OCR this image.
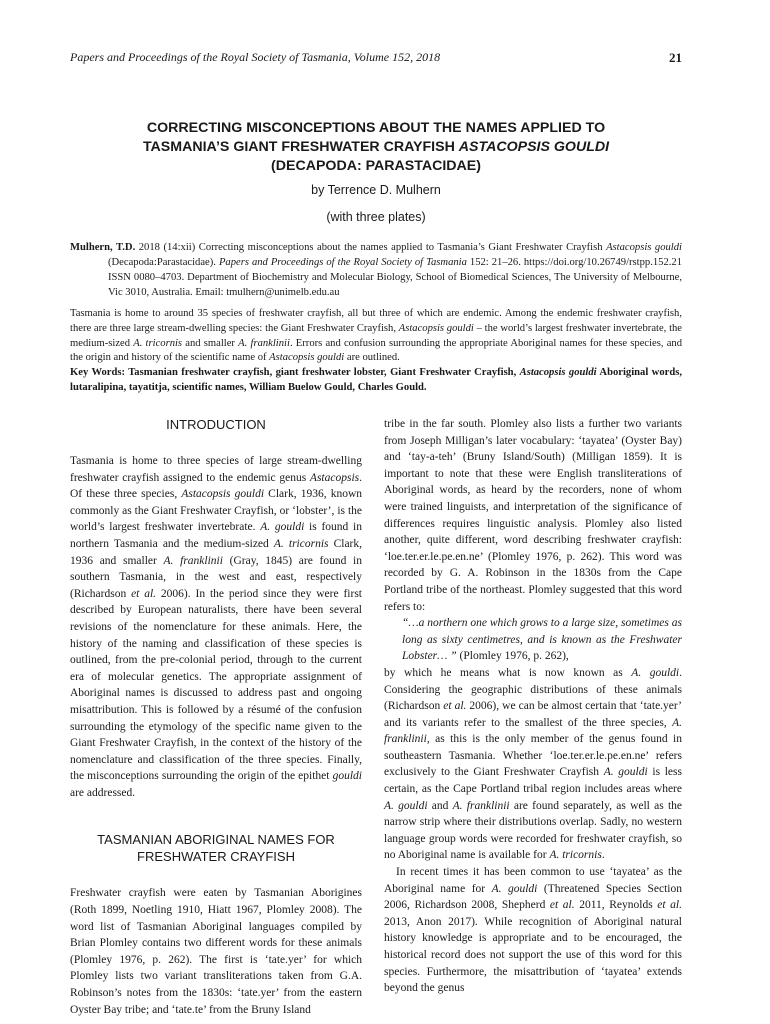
Papers and Proceedings of the Royal Society of Tasmania, Volume 152, 2018	21
CORRECTING MISCONCEPTIONS ABOUT THE NAMES APPLIED TO
TASMANIA’S GIANT FRESHWATER CRAYFISH ASTACOPSIS GOULDI
(DECAPODA: PARASTACIDAE)
by Terrence D. Mulhern
(with three plates)

Mulhern, T.D. 2018 (14:xii) Correcting misconceptions about the names applied to Tasmania’s Giant Freshwater Crayfish Astacopsis gouldi (Decapoda:Parastacidae). Papers and Proceedings of the Royal Society of Tasmania 152: 21–26. https://doi.org/10.26749/rstpp.152.21 ISSN 0080–4703. Department of Biochemistry and Molecular Biology, School of Biomedical Sciences, The University of Melbourne, Vic 3010, Australia. Email: tmulhern@unimelb.edu.au

Tasmania is home to around 35 species of freshwater crayfish, all but three of which are endemic. Among the endemic freshwater crayfish, there are three large stream-dwelling species: the Giant Freshwater Crayfish, Astacopsis gouldi – the world’s largest freshwater invertebrate, the medium-sized A. tricornis and smaller A. franklinii. Errors and confusion surrounding the appropriate Aboriginal names for these species, and the origin and history of the scientific name of Astacopsis gouldi are outlined.

Key Words: Tasmanian freshwater crayfish, giant freshwater lobster, Giant Freshwater Crayfish, Astacopsis gouldi Aboriginal words, lutaralipina, tayatitja, scientific names, William Buelow Gould, Charles Gould.

INTRODUCTION

Tasmania is home to three species of large stream-dwelling freshwater crayfish assigned to the endemic genus Astacopsis. Of these three species, Astacopsis gouldi Clark, 1936, known commonly as the Giant Freshwater Crayfish, or ‘lobster’, is the world’s largest freshwater invertebrate. A. gouldi is found in northern Tasmania and the medium-sized A. tricornis Clark, 1936 and smaller A. franklinii (Gray, 1845) are found in southern Tasmania, in the west and east, respectively (Richardson et al. 2006). In the period since they were first described by European naturalists, there have been several revisions of the nomenclature for these animals. Here, the history of the naming and classification of these species is outlined, from the pre-colonial period, through to the current era of molecular genetics. The appropriate assignment of Aboriginal names is discussed to address past and ongoing misattribution. This is followed by a résumé of the confusion surrounding the etymology of the specific name given to the Giant Freshwater Crayfish, in the context of the history of the nomenclature and classification of the three species. Finally, the misconceptions surrounding the origin of the epithet gouldi are addressed.

TASMANIAN ABORIGINAL NAMES FOR
FRESHWATER CRAYFISH

Freshwater crayfish were eaten by Tasmanian Aborigines (Roth 1899, Noetling 1910, Hiatt 1967, Plomley 2008). The word list of Tasmanian Aboriginal languages compiled by Brian Plomley contains two different words for these animals (Plomley 1976, p. 262). The first is ‘tate.yer’ for which Plomley lists two variant transliterations taken from G.A. Robinson’s notes from the 1830s: ‘tate.yer’ from the eastern Oyster Bay tribe; and ‘tate.te’ from the Bruny Island

tribe in the far south. Plomley also lists a further two variants from Joseph Milligan’s later vocabulary: ‘tayatea’ (Oyster Bay) and ‘tay-a-teh’ (Bruny Island/South) (Milligan 1859). It is important to note that these were English transliterations of Aboriginal words, as heard by the recorders, none of whom were trained linguists, and interpretation of the significance of differences requires linguistic analysis. Plomley also listed another, quite different, word describing freshwater crayfish: ‘loe.ter.er.le.pe.en.ne’ (Plomley 1976, p. 262). This word was recorded by G. A. Robinson in the 1830s from the Cape Portland tribe of the northeast. Plomley suggested that this word refers to:

“…a northern one which grows to a large size, sometimes as long as sixty centimetres, and is known as the Freshwater Lobster… ” (Plomley 1976, p. 262),

by which he means what is now known as A. gouldi. Considering the geographic distributions of these animals (Richardson et al. 2006), we can be almost certain that ‘tate.yer’ and its variants refer to the smallest of the three species, A. franklinii, as this is the only member of the genus found in southeastern Tasmania. Whether ‘loe.ter.er.le.pe.en.ne’ refers exclusively to the Giant Freshwater Crayfish A. gouldi is less certain, as the Cape Portland tribal region includes areas where A. gouldi and A. franklinii are found separately, as well as the narrow strip where their distributions overlap. Sadly, no western language group words were recorded for freshwater crayfish, so no Aboriginal name is available for A. tricornis.

In recent times it has been common to use ‘tayatea’ as the Aboriginal name for A. gouldi (Threatened Species Section 2006, Richardson 2008, Shepherd et al. 2011, Reynolds et al. 2013, Anon 2017). While recognition of Aboriginal natural history knowledge is appropriate and to be encouraged, the historical record does not support the use of this word for this species. Furthermore, the misattribution of ‘tayatea’ extends beyond the genus
